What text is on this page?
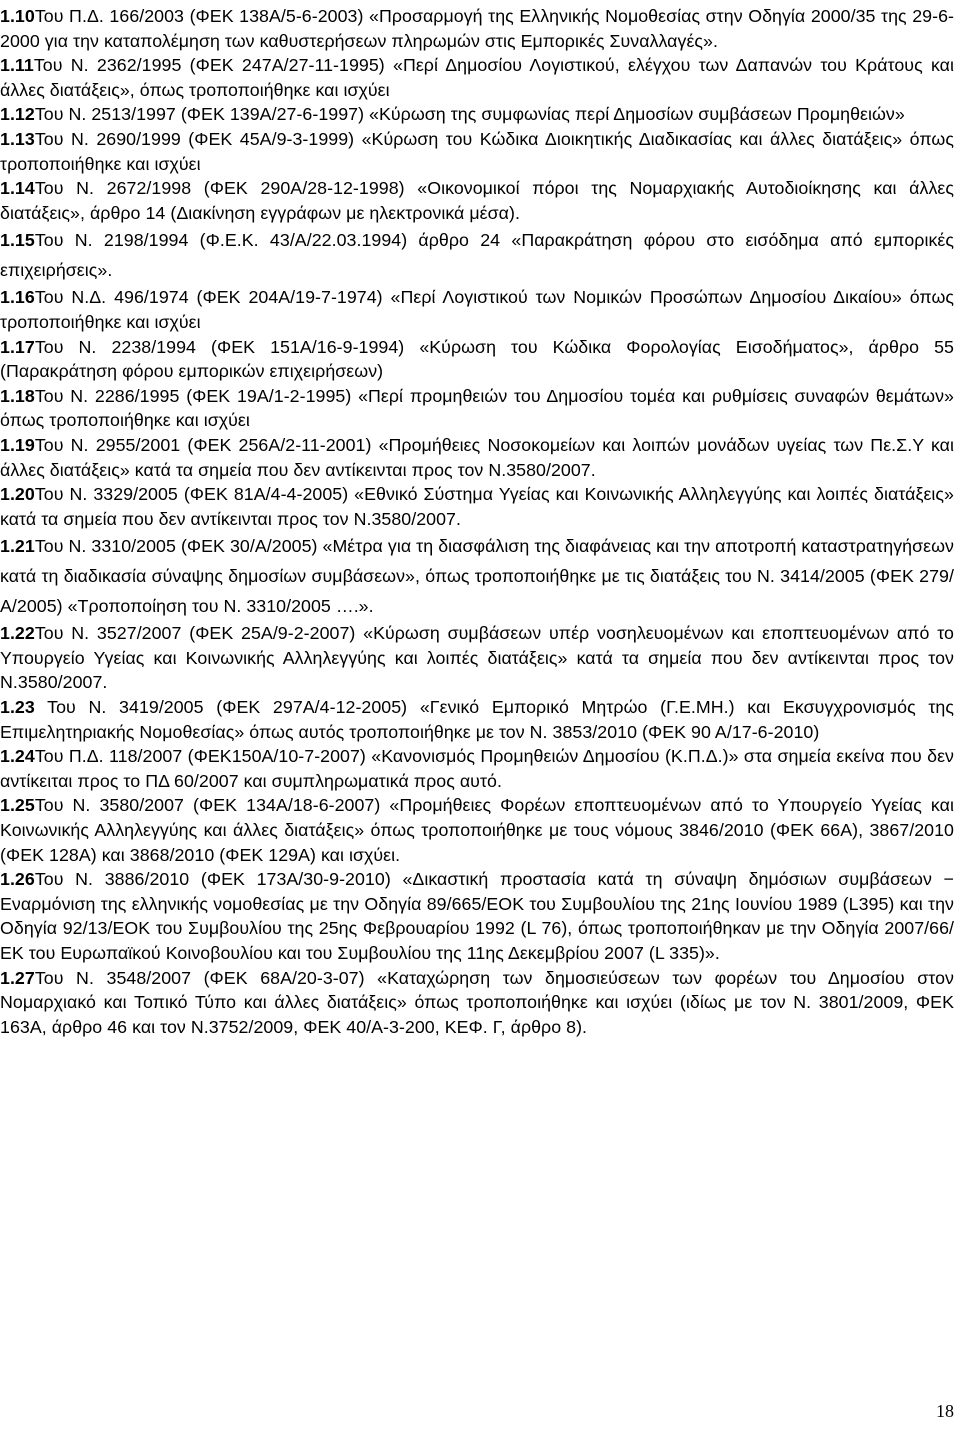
1.10Του Π.Δ. 166/2003 (ΦΕΚ 138Α/5-6-2003) «Προσαρμογή της Ελληνικής Νομοθεσίας στην Οδηγία 2000/35 της 29-6-2000 για την καταπολέμηση των καθυστερήσεων πληρωμών στις Εμπορικές Συναλλαγές».

1.11Του Ν. 2362/1995 (ΦΕΚ 247Α/27-11-1995) «Περί Δημοσίου Λογιστικού, ελέγχου των Δαπανών του Κράτους και άλλες διατάξεις», όπως τροποποιήθηκε και ισχύει

1.12Του Ν. 2513/1997 (ΦΕΚ 139Α/27-6-1997) «Κύρωση της συμφωνίας περί Δημοσίων συμβάσεων Προμηθειών»

1.13Του Ν. 2690/1999 (ΦΕΚ 45Α/9-3-1999) «Κύρωση του Κώδικα Διοικητικής Διαδικασίας και άλλες διατάξεις» όπως τροποποιήθηκε και ισχύει

1.14Του Ν. 2672/1998 (ΦΕΚ 290Α/28-12-1998) «Οικονομικοί πόροι της Νομαρχιακής Αυτοδιοίκησης και άλλες διατάξεις», άρθρο 14 (Διακίνηση εγγράφων με ηλεκτρονικά μέσα).

1.15Του Ν. 2198/1994 (Φ.Ε.Κ. 43/Α/22.03.1994) άρθρο 24 «Παρακράτηση φόρου στο εισόδημα από εμπορικές επιχειρήσεις».

1.16Του Ν.Δ. 496/1974 (ΦΕΚ 204Α/19-7-1974) «Περί Λογιστικού των Νομικών Προσώπων Δημοσίου Δικαίου» όπως τροποποιήθηκε και ισχύει

1.17Του Ν. 2238/1994 (ΦΕΚ 151Α/16-9-1994) «Κύρωση του Κώδικα Φορολογίας Εισοδήματος», άρθρο 55 (Παρακράτηση φόρου εμπορικών επιχειρήσεων)

1.18Του Ν. 2286/1995 (ΦΕΚ 19Α/1-2-1995) «Περί προμηθειών του Δημοσίου τομέα και ρυθμίσεις συναφών θεμάτων» όπως τροποποιήθηκε και ισχύει

1.19Του Ν. 2955/2001 (ΦΕΚ 256Α/2-11-2001) «Προμήθειες Νοσοκομείων και λοιπών μονάδων υγείας των Πε.Σ.Υ και άλλες διατάξεις» κατά τα σημεία που δεν αντίκεινται προς τον Ν.3580/2007.

1.20Του Ν. 3329/2005 (ΦΕΚ 81Α/4-4-2005) «Εθνικό Σύστημα Υγείας και Κοινωνικής Αλληλεγγύης και λοιπές διατάξεις» κατά τα σημεία που δεν αντίκεινται προς τον Ν.3580/2007.

1.21Του Ν. 3310/2005 (ΦΕΚ 30/Α/2005) «Μέτρα για τη διασφάλιση της διαφάνειας και την αποτροπή καταστρατηγήσεων κατά τη διαδικασία σύναψης δημοσίων συμβάσεων», όπως τροποποιήθηκε με τις διατάξεις του Ν. 3414/2005 (ΦΕΚ 279/Α/2005) «Τροποποίηση του Ν. 3310/2005 ….».

1.22Του Ν. 3527/2007 (ΦΕΚ 25Α/9-2-2007) «Κύρωση συμβάσεων υπέρ νοσηλευομένων και εποπτευομένων από το Υπουργείο Υγείας και Κοινωνικής Αλληλεγγύης και λοιπές διατάξεις» κατά τα σημεία που δεν αντίκεινται προς τον Ν.3580/2007.

1.23 Του Ν. 3419/2005 (ΦΕΚ 297Α/4-12-2005) «Γενικό Εμπορικό Μητρώο (Γ.Ε.ΜΗ.) και Εκσυγχρονισμός της Επιμελητηριακής Νομοθεσίας» όπως αυτός τροποποιήθηκε με τον Ν. 3853/2010 (ΦΕΚ 90 Α/17-6-2010)

1.24Του Π.Δ. 118/2007 (ΦΕΚ150Α/10-7-2007) «Κανονισμός Προμηθειών Δημοσίου (Κ.Π.Δ.)» στα σημεία εκείνα που δεν αντίκειται προς το ΠΔ 60/2007 και συμπληρωματικά προς αυτό.

1.25Του Ν. 3580/2007 (ΦΕΚ 134Α/18-6-2007) «Προμήθειες Φορέων εποπτευομένων από το Υπουργείο Υγείας και Κοινωνικής Αλληλεγγύης και άλλες διατάξεις» όπως τροποποιήθηκε με τους νόμους 3846/2010 (ΦΕΚ 66Α), 3867/2010 (ΦΕΚ 128Α) και 3868/2010 (ΦΕΚ 129Α) και ισχύει.

1.26Του Ν. 3886/2010 (ΦΕΚ 173Α/30-9-2010) «Δικαστική προστασία κατά τη σύναψη δημόσιων συμβάσεων − Εναρμόνιση της ελληνικής νομοθεσίας με την Οδηγία 89/665/ΕΟΚ του Συμβουλίου της 21ης Ιουνίου 1989 (L395) και την Οδηγία 92/13/ΕΟΚ του Συμβουλίου της 25ης Φεβρουαρίου 1992 (L 76), όπως τροποποιήθηκαν με την Οδηγία 2007/66/ΕΚ του Ευρωπαϊκού Κοινοβουλίου και του Συμβουλίου της 11ης Δεκεμβρίου 2007 (L 335)».

1.27Του Ν. 3548/2007 (ΦΕΚ 68Α/20-3-07) «Καταχώρηση των δημοσιεύσεων των φορέων του Δημοσίου στον Νομαρχιακό και Τοπικό Τύπο και άλλες διατάξεις» όπως τροποποιήθηκε και ισχύει (ιδίως με τον Ν. 3801/2009, ΦΕΚ 163Α, άρθρο 46 και τον Ν.3752/2009, ΦΕΚ 40/Α-3-200, ΚΕΦ. Γ, άρθρο 8).

18
